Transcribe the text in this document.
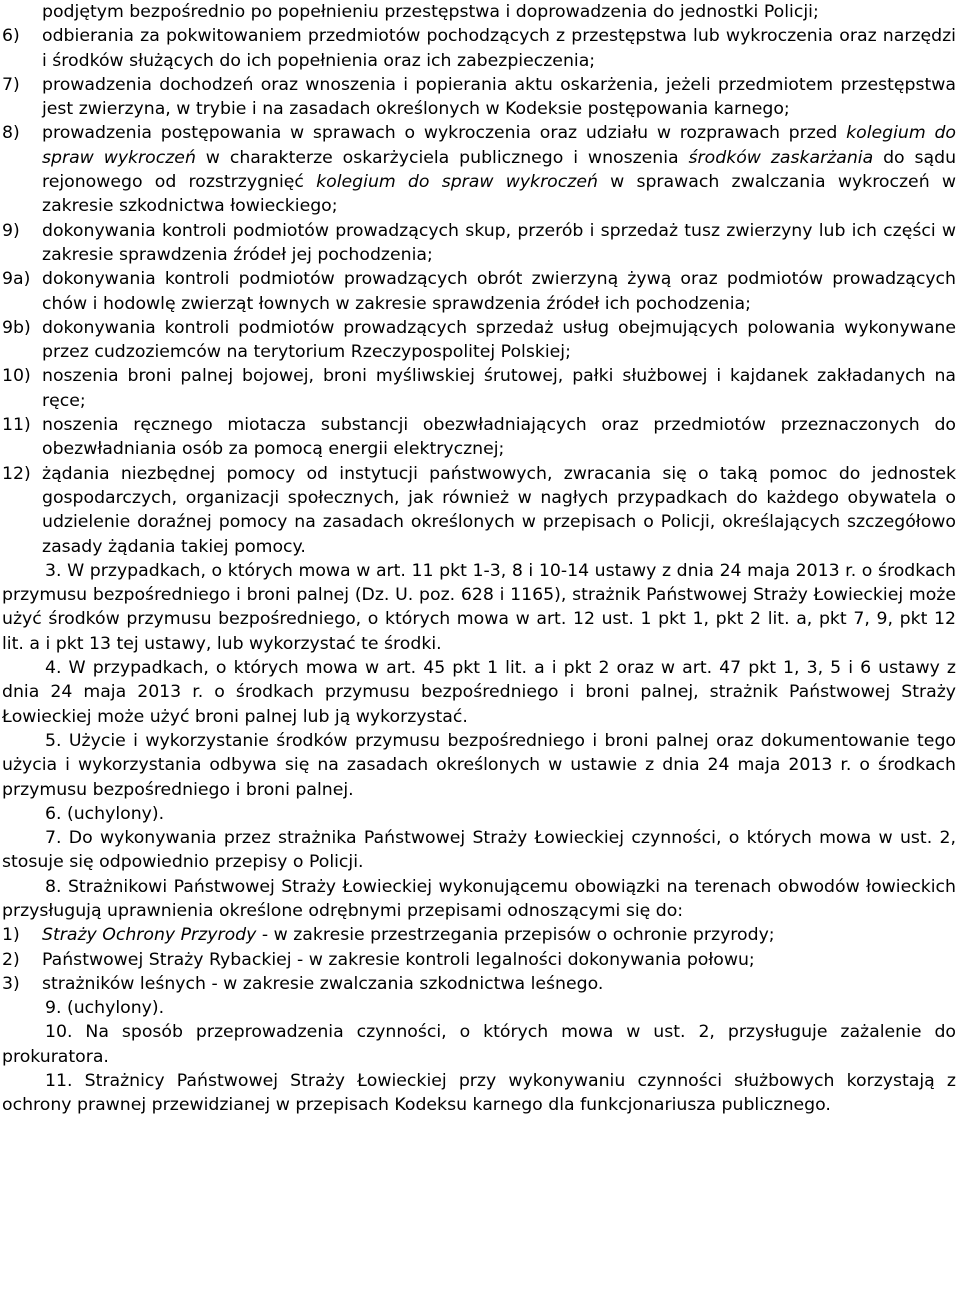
podjętym bezpośrednio po popełnieniu przestępstwa i doprowadzenia do jednostki Policji;
6)	odbierania za pokwitowaniem przedmiotów pochodzących z przestępstwa lub wykroczenia oraz narzędzi i środków służących do ich popełnienia oraz ich zabezpieczenia;
7)	prowadzenia dochodzeń oraz wnoszenia i popierania aktu oskarżenia, jeżeli przedmiotem przestępstwa jest zwierzyna, w trybie i na zasadach określonych w Kodeksie postępowania karnego;
8)	prowadzenia postępowania w sprawach o wykroczenia oraz udziału w rozprawach przed kolegium do spraw wykroczeń w charakterze oskarżyciela publicznego i wnoszenia środków zaskarżania do sądu rejonowego od rozstrzygnięć kolegium do spraw wykroczeń w sprawach zwalczania wykroczeń w zakresie szkodnictwa łowieckiego;
9)	dokonywania kontroli podmiotów prowadzących skup, przerób i sprzedaż tusz zwierzyny lub ich części w zakresie sprawdzenia źródeł jej pochodzenia;
9a) dokonywania kontroli podmiotów prowadzących obrót zwierzyną żywą oraz podmiotów prowadzących chów i hodowlę zwierząt łownych w zakresie sprawdzenia źródeł ich pochodzenia;
9b) dokonywania kontroli podmiotów prowadzących sprzedaż usług obejmujących polowania wykonywane przez cudzoziemców na terytorium Rzeczypospolitej Polskiej;
10) noszenia broni palnej bojowej, broni myśliwskiej śrutowej, pałki służbowej i kajdanek zakładanych na ręce;
11) noszenia ręcznego miotacza substancji obezwładniających oraz przedmiotów przeznaczonych do obezwładniania osób za pomocą energii elektrycznej;
12) żądania niezbędnej pomocy od instytucji państwowych, zwracania się o taką pomoc do jednostek gospodarczych, organizacji społecznych, jak również w nagłych przypadkach do każdego obywatela o udzielenie doraźnej pomocy na zasadach określonych w przepisach o Policji, określających szczegółowo zasady żądania takiej pomocy.

3. W przypadkach, o których mowa w art. 11 pkt 1-3, 8 i 10-14 ustawy z dnia 24 maja 2013 r. o środkach przymusu bezpośredniego i broni palnej (Dz. U. poz. 628 i 1165), strażnik Państwowej Straży Łowieckiej może użyć środków przymusu bezpośredniego, o których mowa w art. 12 ust. 1 pkt 1, pkt 2 lit. a, pkt 7, 9, pkt 12 lit. a i pkt 13 tej ustawy, lub wykorzystać te środki.

4. W przypadkach, o których mowa w art. 45 pkt 1 lit. a i pkt 2 oraz w art. 47 pkt 1, 3, 5 i 6 ustawy z dnia 24 maja 2013 r. o środkach przymusu bezpośredniego i broni palnej, strażnik Państwowej Straży Łowieckiej może użyć broni palnej lub ją wykorzystać.

5. Użycie i wykorzystanie środków przymusu bezpośredniego i broni palnej oraz dokumentowanie tego użycia i wykorzystania odbywa się na zasadach określonych w ustawie z dnia 24 maja 2013 r. o środkach przymusu bezpośredniego i broni palnej.

6. (uchylony).

7. Do wykonywania przez strażnika Państwowej Straży Łowieckiej czynności, o których mowa w ust. 2, stosuje się odpowiednio przepisy o Policji.

8. Strażnikowi Państwowej Straży Łowieckiej wykonującemu obowiązki na terenach obwodów łowieckich przysługują uprawnienia określone odrębnymi przepisami odnoszącymi się do:

1)	Straży Ochrony Przyrody - w zakresie przestrzegania przepisów o ochronie przyrody;
2)	Państwowej Straży Rybackiej - w zakresie kontroli legalności dokonywania połowu;
3)	strażników leśnych - w zakresie zwalczania szkodnictwa leśnego.

9. (uchylony).

10. Na sposób przeprowadzenia czynności, o których mowa w ust. 2, przysługuje zażalenie do prokuratora.

11. Strażnicy Państwowej Straży Łowieckiej przy wykonywaniu czynności służbowych korzystają z ochrony prawnej przewidzianej w przepisach Kodeksu karnego dla funkcjonariusza publicznego.
